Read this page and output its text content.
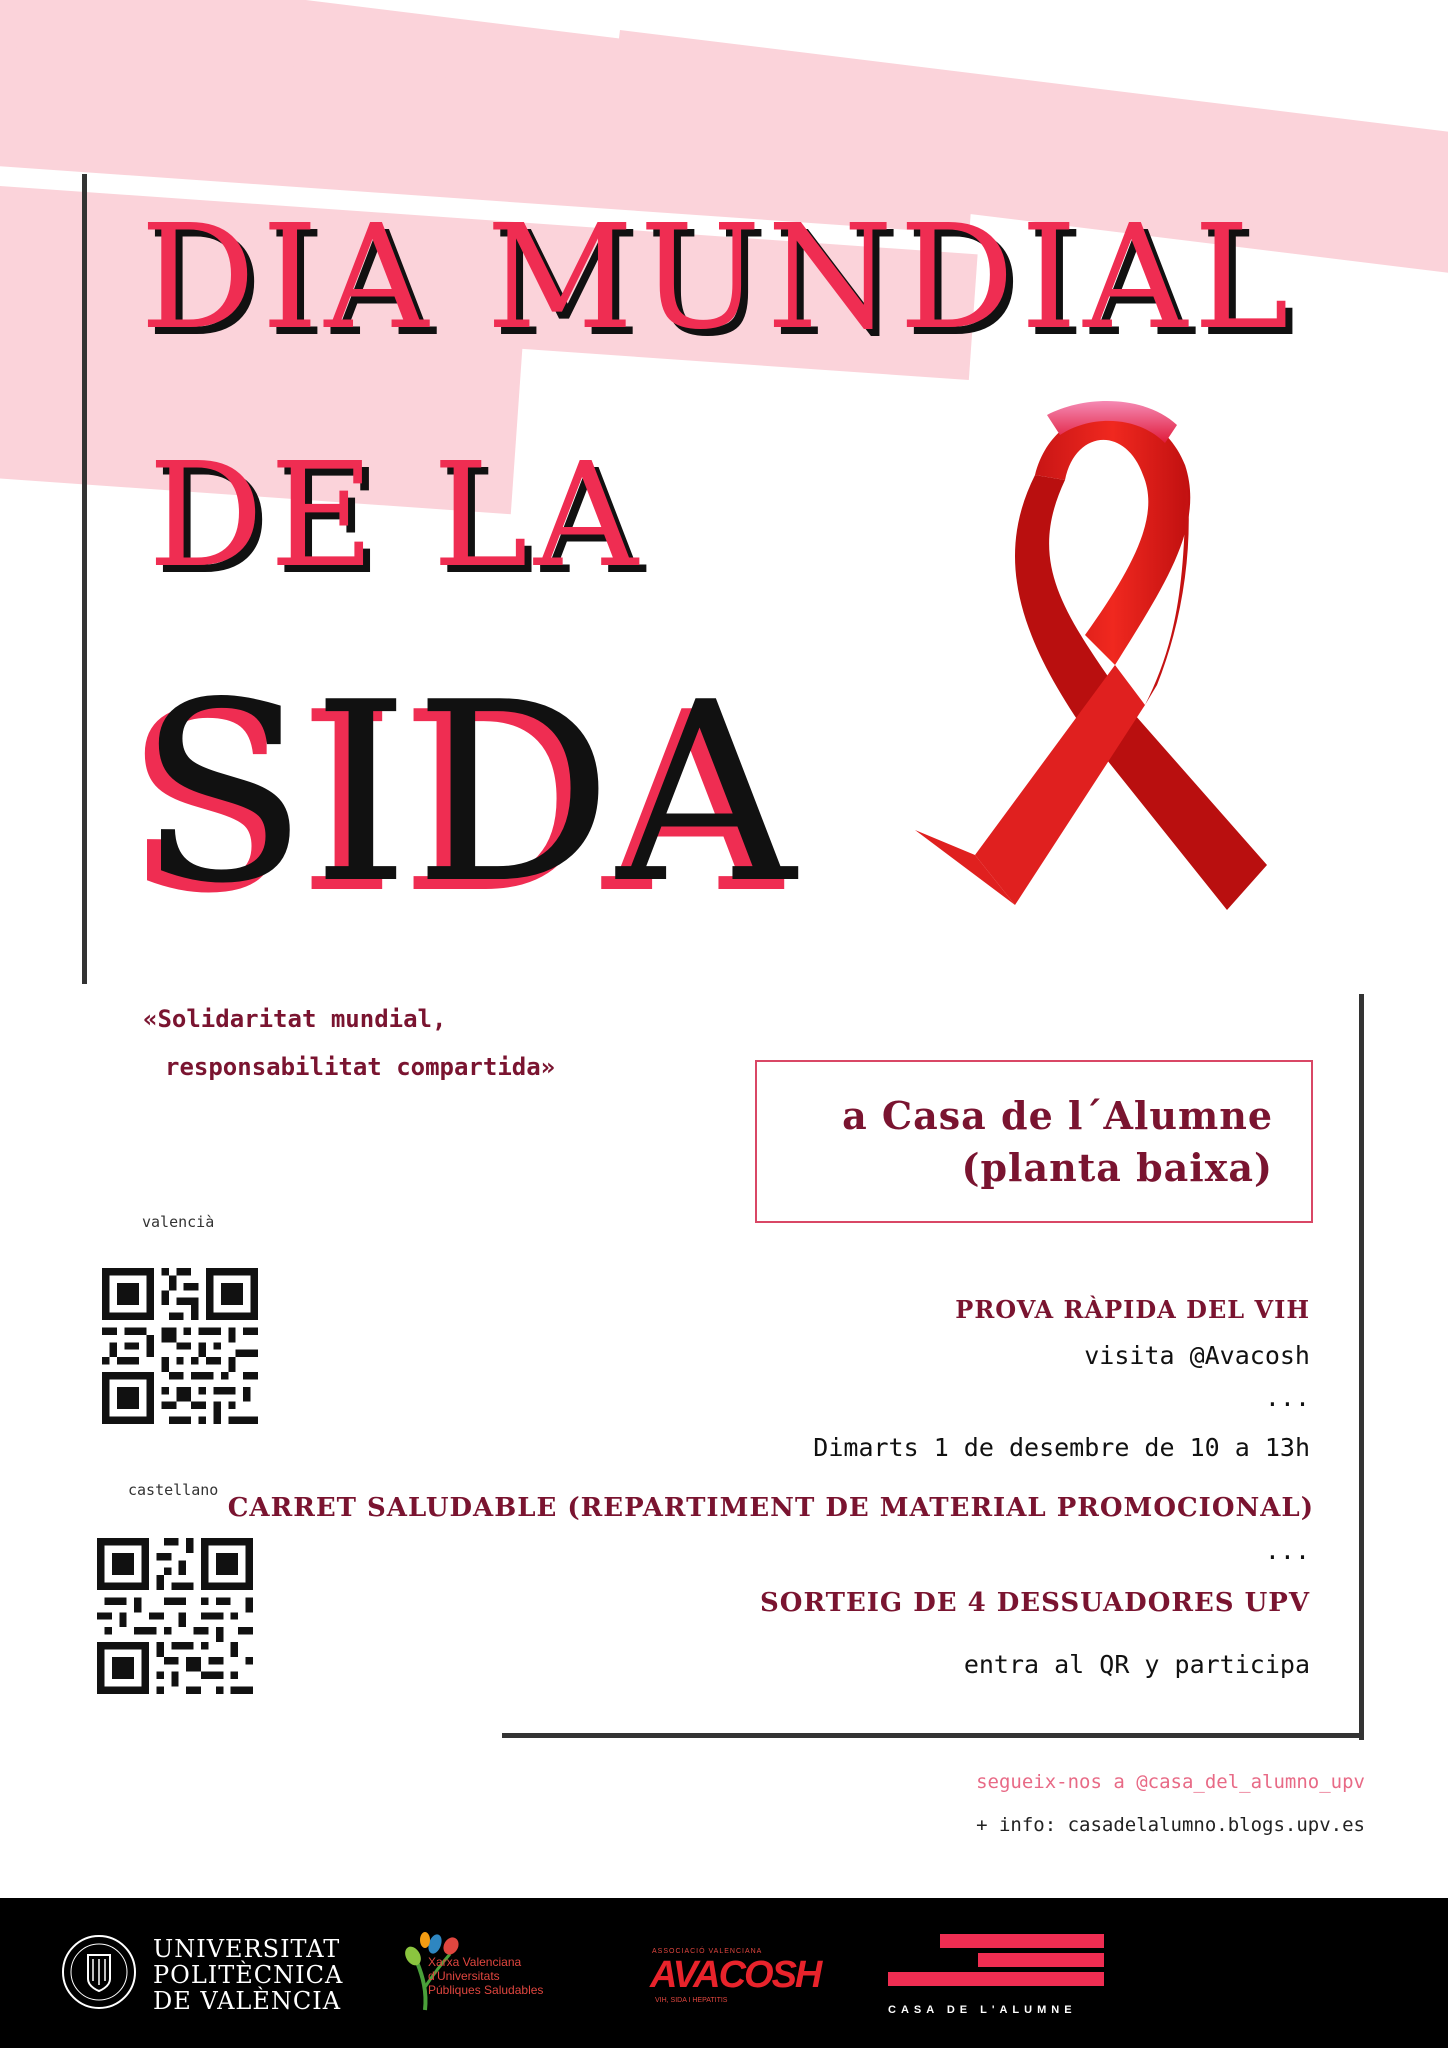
DIA MUNDIAL
DE LA
SIDA
«Solidaritat mundial,
responsabilitat compartida»
a Casa de l´Alumne
(planta baixa)
PROVA RÀPIDA DEL VIH
visita @Avacosh
...
Dimarts 1 de desembre de 10 a 13h
CARRET SALUDABLE (REPARTIMENT DE MATERIAL PROMOCIONAL)
...
SORTEIG DE 4 DESSUADORES UPV
entra al QR y participa
valencià
castellano
segueix-nos a @casa_del_alumno_upv
+ info: casadelalumno.blogs.upv.es
UNIVERSITAT
POLITÈCNICA
DE VALÈNCIA
Xarxa Valenciana
d'Universitats
Públiques Saludables
ASSOCIACIÓ VALENCIANA
AVACOSH
VIH, SIDA I HEPATITIS
CASA DE L'ALUMNE
